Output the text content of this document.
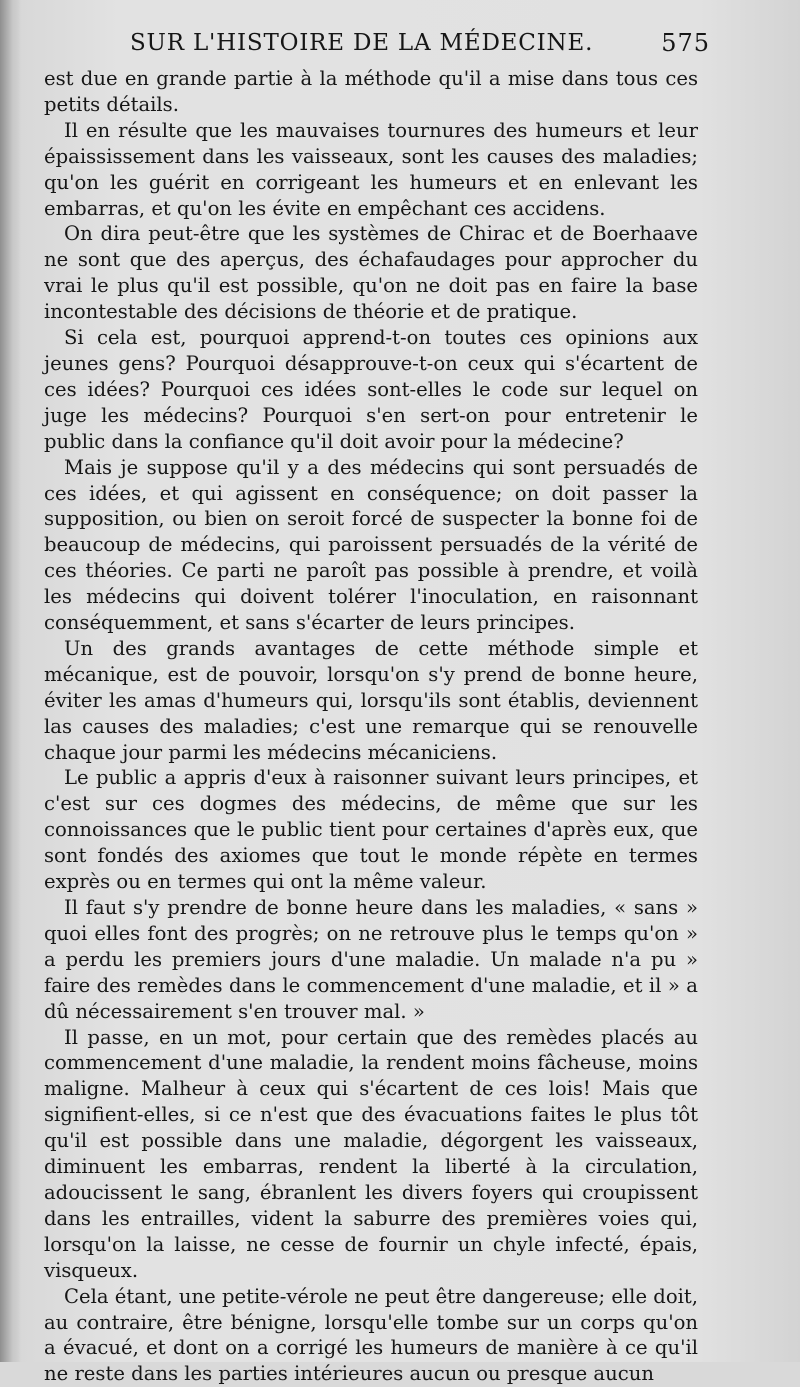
SUR L'HISTOIRE DE LA MÉDECINE.	575

est due en grande partie à la méthode qu'il a mise dans tous ces petits détails.

Il en résulte que les mauvaises tournures des humeurs et leur épaississement dans les vaisseaux, sont les causes des maladies; qu'on les guérit en corrigeant les humeurs et en enlevant les embarras, et qu'on les évite en empêchant ces accidens.

On dira peut-être que les systèmes de Chirac et de Boerhaave ne sont que des aperçus, des échafaudages pour approcher du vrai le plus qu'il est possible, qu'on ne doit pas en faire la base incontestable des décisions de théorie et de pratique.

Si cela est, pourquoi apprend-t-on toutes ces opinions aux jeunes gens? Pourquoi désapprouve-t-on ceux qui s'écartent de ces idées? Pourquoi ces idées sont-elles le code sur lequel on juge les médecins? Pourquoi s'en sert-on pour entretenir le public dans la confiance qu'il doit avoir pour la médecine?

Mais je suppose qu'il y a des médecins qui sont persuadés de ces idées, et qui agissent en conséquence; on doit passer la supposition, ou bien on seroit forcé de suspecter la bonne foi de beaucoup de médecins, qui paroissent persuadés de la vérité de ces théories. Ce parti ne paroît pas possible à prendre, et voilà les médecins qui doivent tolérer l'inoculation, en raisonnant conséquemment, et sans s'écarter de leurs principes.

Un des grands avantages de cette méthode simple et mécanique, est de pouvoir, lorsqu'on s'y prend de bonne heure, éviter les amas d'humeurs qui, lorsqu'ils sont établis, deviennent las causes des maladies; c'est une remarque qui se renouvelle chaque jour parmi les médecins mécaniciens.

Le public a appris d'eux à raisonner suivant leurs principes, et c'est sur ces dogmes des médecins, de même que sur les connoissances que le public tient pour certaines d'après eux, que sont fondés des axiomes que tout le monde répète en termes exprès ou en termes qui ont la même valeur.

Il faut s'y prendre de bonne heure dans les maladies, « sans » quoi elles font des progrès; on ne retrouve plus le temps qu'on » a perdu les premiers jours d'une maladie. Un malade n'a pu » faire des remèdes dans le commencement d'une maladie, et il » a dû nécessairement s'en trouver mal. »

Il passe, en un mot, pour certain que des remèdes placés au commencement d'une maladie, la rendent moins fâcheuse, moins maligne. Malheur à ceux qui s'écartent de ces lois! Mais que signifient-elles, si ce n'est que des évacuations faites le plus tôt qu'il est possible dans une maladie, dégorgent les vaisseaux, diminuent les embarras, rendent la liberté à la circulation, adoucissent le sang, ébranlent les divers foyers qui croupissent dans les entrailles, vident la saburre des premières voies qui, lorsqu'on la laisse, ne cesse de fournir un chyle infecté, épais, visqueux.

Cela étant, une petite-vérole ne peut être dangereuse; elle doit, au contraire, être bénigne, lorsqu'elle tombe sur un corps qu'on a évacué, et dont on a corrigé les humeurs de manière à ce qu'il ne reste dans les parties intérieures aucun ou presque aucun
